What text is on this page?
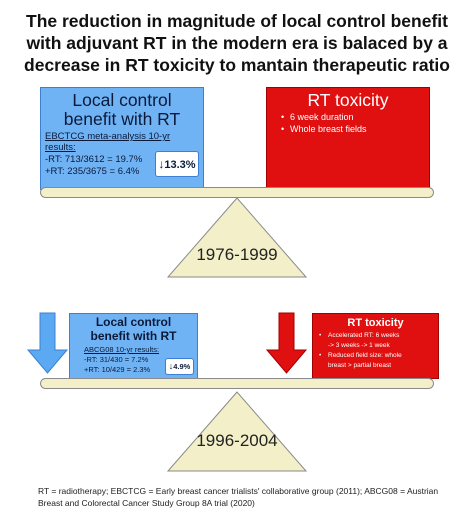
The reduction in magnitude of local control benefit
with adjuvant RT in the modern era is balaced by a
decrease in RT toxicity to mantain therapeutic ratio
Local control
benefit with RT
EBCTCG meta-analysis 10-yr
results:
-RT: 713/3612 = 19.7%
+RT: 235/3675 = 6.4%
↓13.3%
RT toxicity
• 6 week duration
• Whole breast fields
1976-1999
Local control
benefit with RT
ABCG08 10-yr results:
-RT: 31/430 = 7.2%
+RT: 10/429 = 2.3%	↓4.9%
RT toxicity
• Accelerated RT: 6 weeks
-> 3 weeks -> 1 week
• Reduced field size: whole
breast > partial breast
1996-2004
RT = radiotherapy; EBCTCG = Early breast cancer trialists' collaborative group (2011); ABCG08 = Austrian
Breast and Colorectal Cancer Study Group 8A trial (2020)
